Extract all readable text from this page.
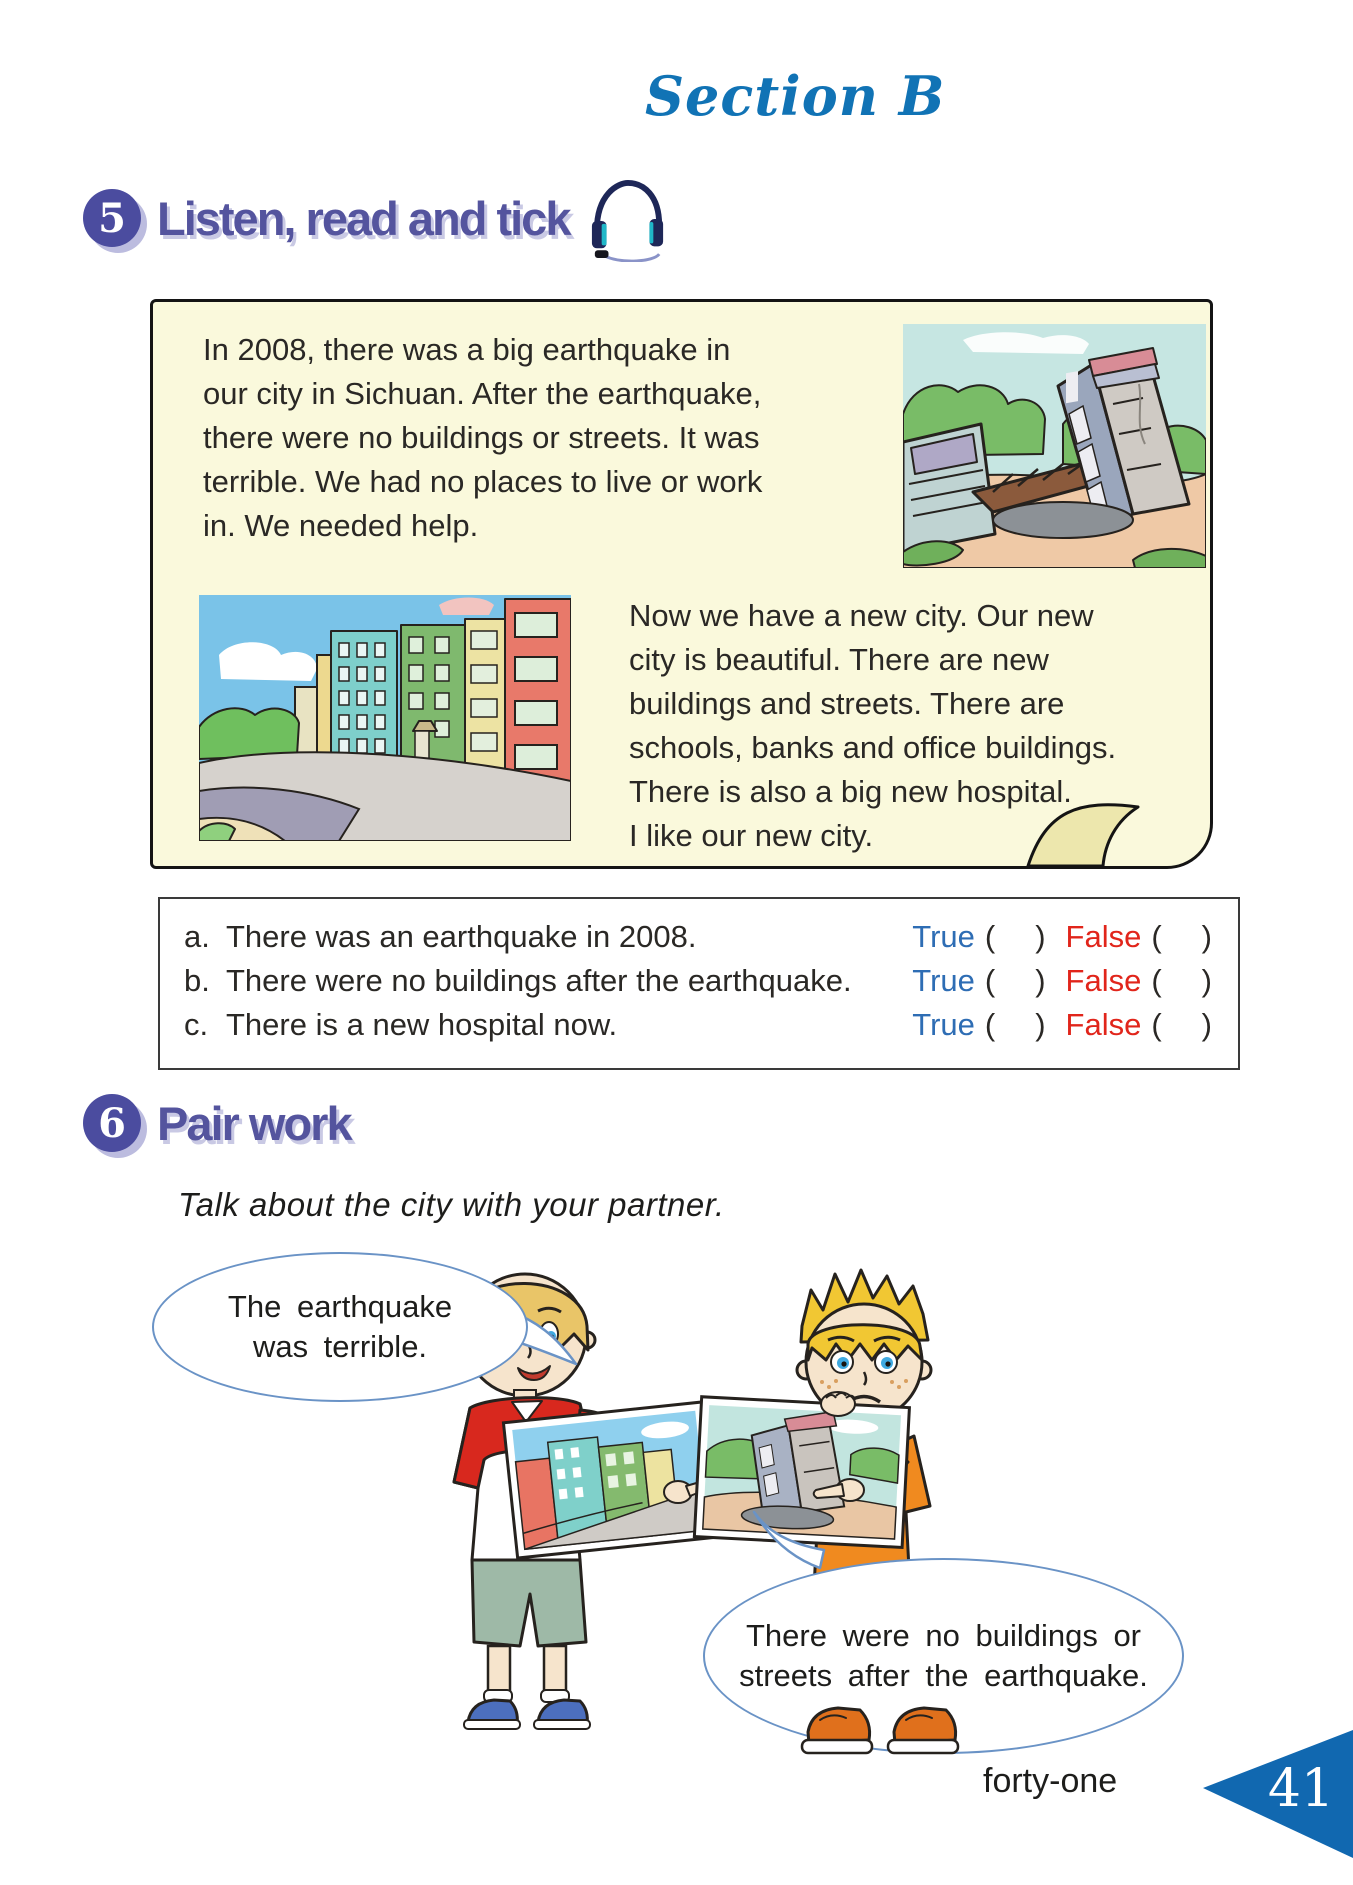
Section B
5 Listen, read and tick
In 2008, there was a big earthquake in
our city in Sichuan. After the earthquake,
there were no buildings or streets. It was
terrible. We had no places to live or work
in. We needed help.
Now we have a new city. Our new
city is beautiful. There are new
buildings and streets. There are
schools, banks and office buildings.
There is also a big new hospital.
I like our new city.
a. There was an earthquake in 2008.	True ( ) False ( )
b. There were no buildings after the earthquake. True ( ) False ( )
c. There is a new hospital now.	True ( ) False ( )
6 Pair work

Talk about the city with your partner.

The earthquake
was terrible.
There were no buildings or
streets after the earthquake.
forty-one	41
